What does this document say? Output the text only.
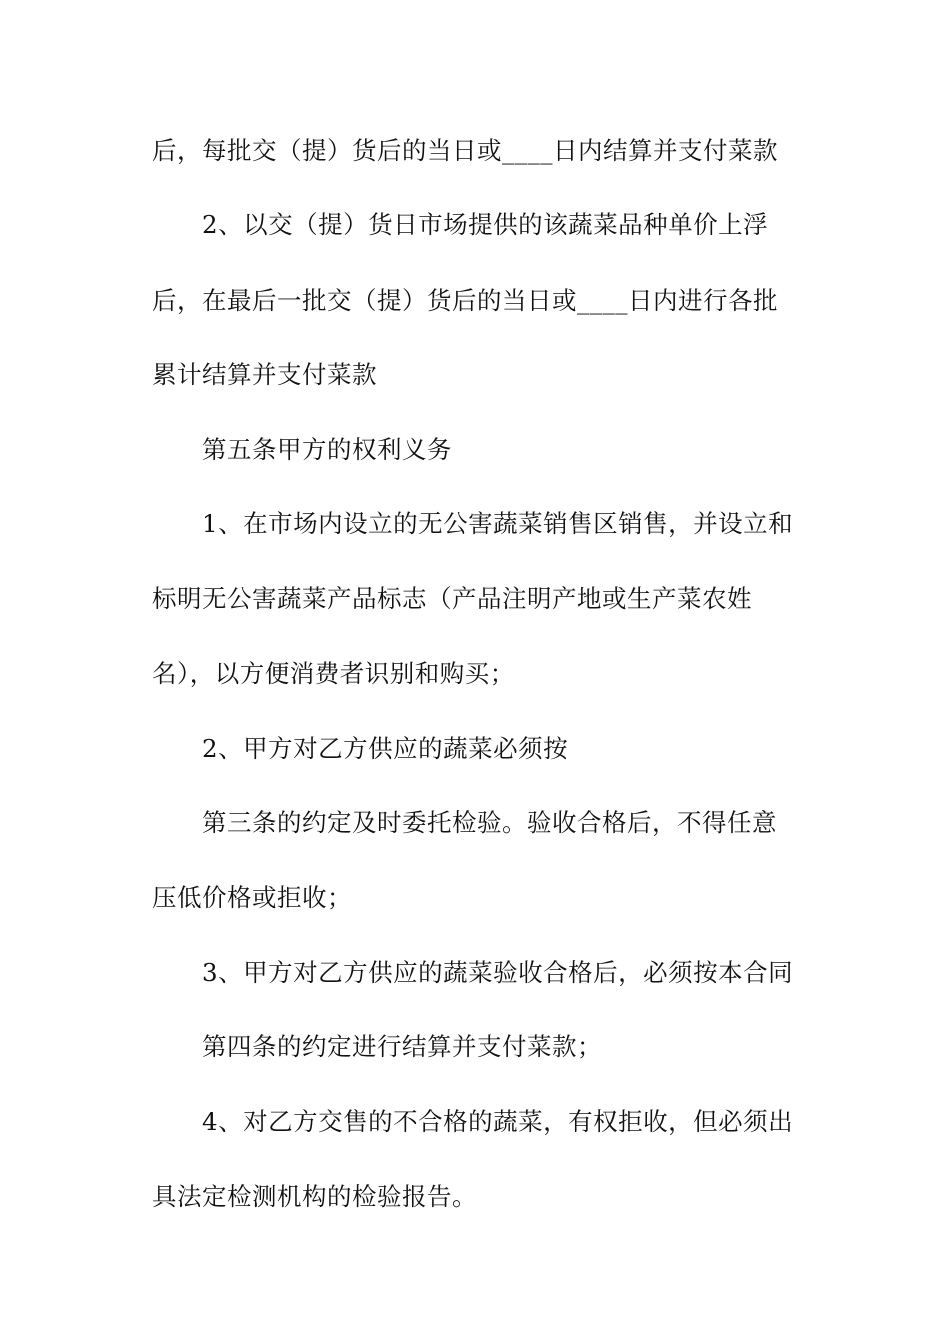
后，每批交（提）货后的当日或____日内结算并支付菜款
2、以交（提）货日市场提供的该蔬菜品种单价上浮
后，在最后一批交（提）货后的当日或____日内进行各批
累计结算并支付菜款
第五条甲方的权利义务
1、在市场内设立的无公害蔬菜销售区销售，并设立和
标明无公害蔬菜产品标志（产品注明产地或生产菜农姓
名），以方便消费者识别和购买；
2、甲方对乙方供应的蔬菜必须按
第三条的约定及时委托检验。验收合格后，不得任意
压低价格或拒收；
3、甲方对乙方供应的蔬菜验收合格后，必须按本合同
第四条的约定进行结算并支付菜款；
4、对乙方交售的不合格的蔬菜，有权拒收，但必须出
具法定检测机构的检验报告。
